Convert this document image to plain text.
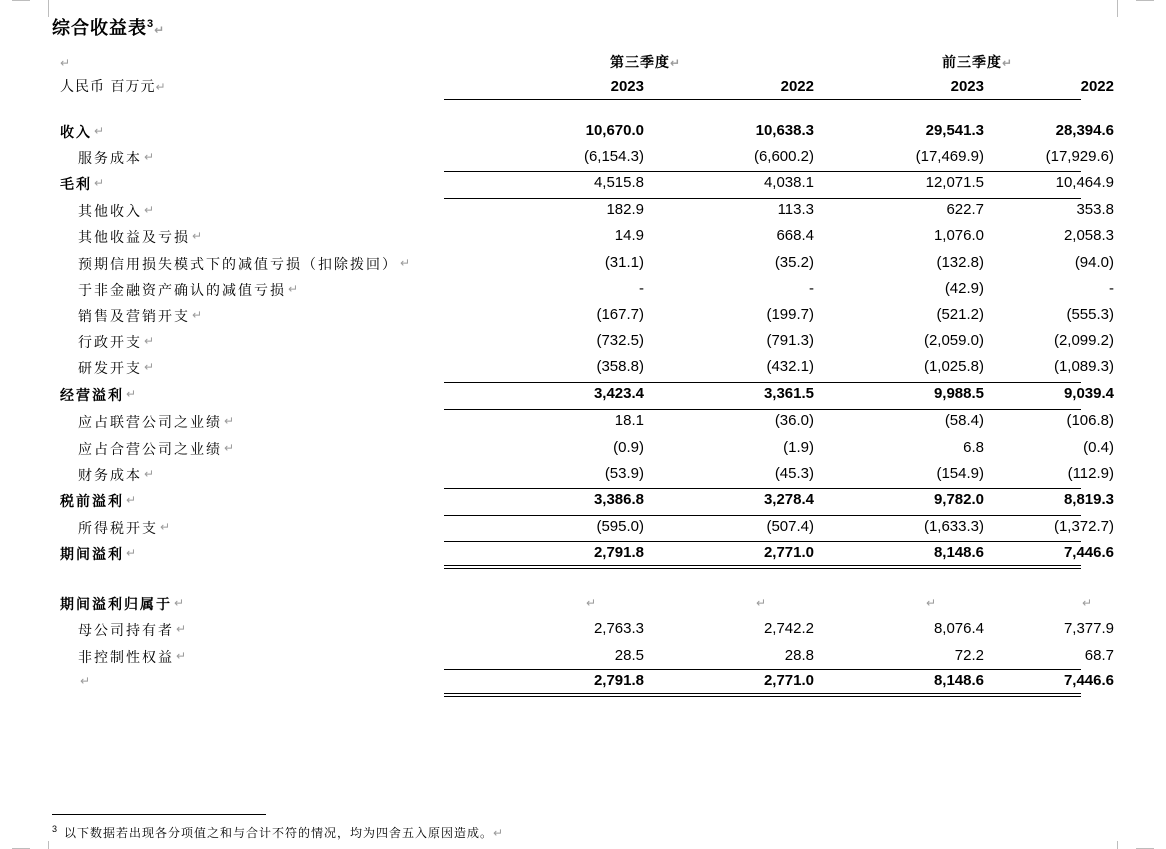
综合收益表$^3$↵
↵	第三季度↵	前三季度↵
人民币 百万元↵	2023	2022	2023	2022
收入 ↵	10,670.0	10,638.3	29,541.3	28,394.6
服务成本 ↵	(6,154.3)	(6,600.2)	(17,469.9)	(17,929.6)
毛利 ↵	4,515.8	4,038.1	12,071.5	10,464.9
其他收入 ↵	182.9	113.3	622.7	353.8
其他收益及亏损 ↵	14.9	668.4	1,076.0	2,058.3
预期信用损失模式下的减值亏损（扣除拨回） ↵	(31.1)	(35.2)	(132.8)	(94.0)
于非金融资产确认的减值亏损 ↵	-	-	(42.9)	-
销售及营销开支 ↵	(167.7)	(199.7)	(521.2)	(555.3)
行政开支 ↵	(732.5)	(791.3)	(2,059.0)	(2,099.2)
研发开支 ↵	(358.8)	(432.1)	(1,025.8)	(1,089.3)
经营溢利 ↵	3,423.4	3,361.5	9,988.5	9,039.4
应占联营公司之业绩 ↵	18.1	(36.0)	(58.4)	(106.8)
应占合营公司之业绩 ↵	(0.9)	(1.9)	6.8	(0.4)
财务成本 ↵	(53.9)	(45.3)	(154.9)	(112.9)
税前溢利 ↵	3,386.8	3,278.4	9,782.0	8,819.3
所得税开支 ↵	(595.0)	(507.4)	(1,633.3)	(1,372.7)
期间溢利 ↵	2,791.8	2,771.0	8,148.6	7,446.6
期间溢利归属于 ↵	↵	↵	↵	↵
母公司持有者 ↵	2,763.3	2,742.2	8,076.4	7,377.9
非控制性权益 ↵	28.5	28.8	72.2	68.7
↵	2,791.8	2,771.0	8,148.6	7,446.6
$^3$ 以下数据若出现各分项值之和与合计不符的情况，均为四舍五入原因造成。↵
